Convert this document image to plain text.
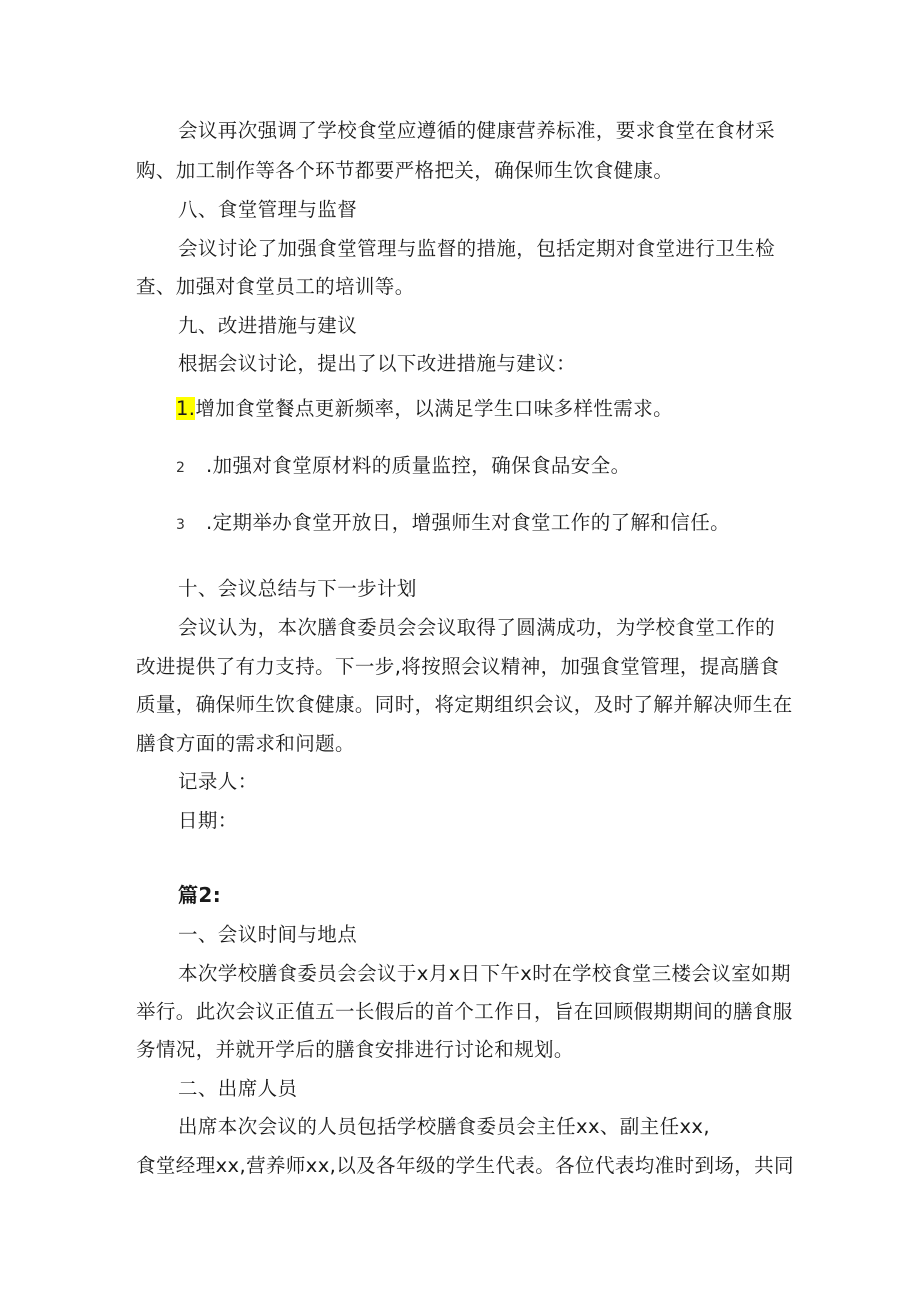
会议再次强调了学校食堂应遵循的健康营养标准，要求食堂在食材采
购、加工制作等各个环节都要严格把关，确保师生饮食健康。
八、食堂管理与监督
会议讨论了加强食堂管理与监督的措施，包括定期对食堂进行卫生检
查、加强对食堂员工的培训等。
九、改进措施与建议
根据会议讨论，提出了以下改进措施与建议：
1.增加食堂餐点更新频率，以满足学生口味多样性需求。
2 .加强对食堂原材料的质量监控，确保食品安全。
3 .定期举办食堂开放日，增强师生对食堂工作的了解和信任。
十、会议总结与下一步计划
会议认为，本次膳食委员会会议取得了圆满成功，为学校食堂工作的
改进提供了有力支持。下一步,将按照会议精神，加强食堂管理，提高膳食
质量，确保师生饮食健康。同时，将定期组织会议，及时了解并解决师生在
膳食方面的需求和问题。
记录人：
日期：
篇2:
一、会议时间与地点
本次学校膳食委员会会议于x月x日下午x时在学校食堂三楼会议室如期
举行。此次会议正值五一长假后的首个工作日，旨在回顾假期期间的膳食服
务情况，并就开学后的膳食安排进行讨论和规划。
二、出席人员
出席本次会议的人员包括学校膳食委员会主任xx、副主任xx,
食堂经理xx,营养师xx,以及各年级的学生代表。各位代表均准时到场，共同
